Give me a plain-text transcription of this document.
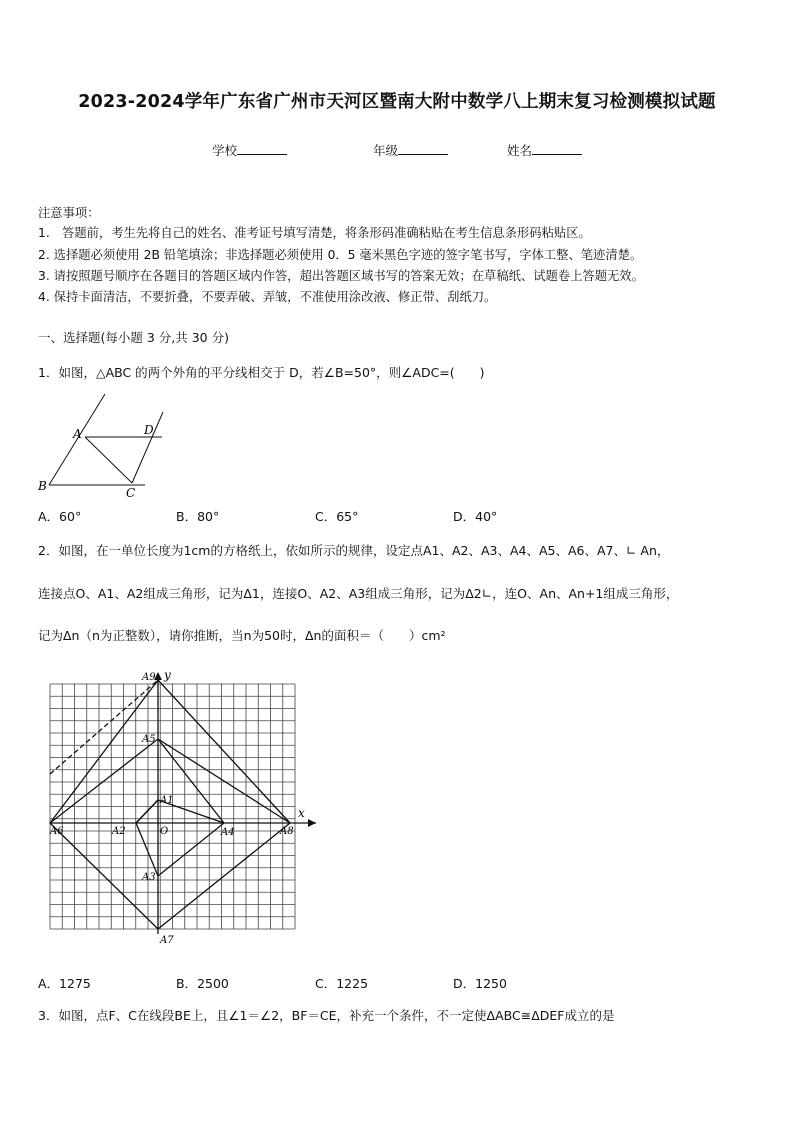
2023-2024学年广东省广州市天河区暨南大附中数学八上期末复习检测模拟试题
学校	年级	姓名
注意事项：
1.　答题前，考生先将自己的姓名、准考证号填写清楚，将条形码准确粘贴在考生信息条形码粘贴区。
2. 选择题必须使用 2B 铅笔填涂；非选择题必须使用 0．5 毫米黑色字迹的签字笔书写，字体工整、笔迹清楚。
3. 请按照题号顺序在各题目的答题区域内作答，超出答题区域书写的答案无效；在草稿纸、试题卷上答题无效。
4. 保持卡面清洁，不要折叠，不要弄破、弄皱，不准使用涂改液、修正带、刮纸刀。
一、选择题(每小题 3 分,共 30 分)
1．如图，△ABC 的两个外角的平分线相交于 D，若∠B=50°，则∠ADC=(　　)
A	D
B	C
A．60°	B．80°	C．65°	D．40°
2．如图，在一单位长度为1cm的方格纸上，依如所示的规律，设定点A1、A2、A3、A4、A5、A6、A7、∟ An，
连接点O、A1、A2组成三角形，记为Δ1，连接O、A2、A3组成三角形，记为Δ2∟，连O、An、An+1组成三角形，
记为Δn（n为正整数），请你推断，当n为50时，Δn的面积＝（　　）cm²
A9 y
A5
A1
x
A6	A2	O	A4	A8
A3
A7
A．1275	B．2500	C．1225	D．1250
3．如图，点F、C在线段BE上，且∠1＝∠2，BF＝CE，补充一个条件，不一定使ΔABC≅ΔDEF成立的是
